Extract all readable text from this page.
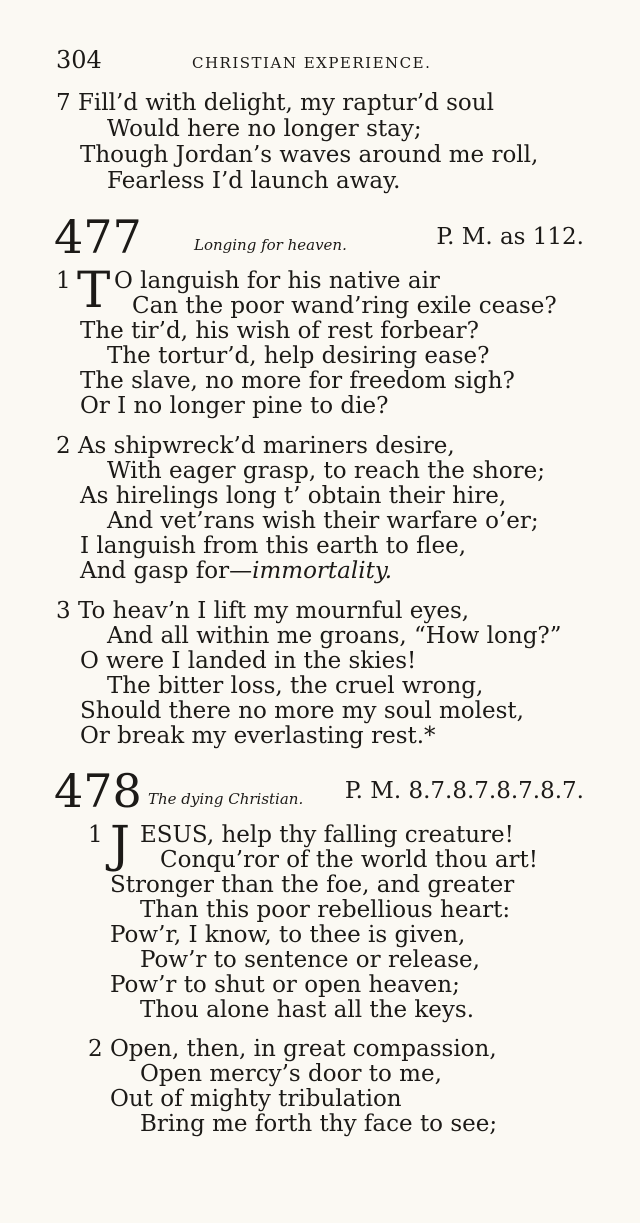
304	CHRISTIAN EXPERIENCE.
7 Fill’d with delight, my raptur’d soul
Would here no longer stay;
Though Jordan’s waves around me roll,
Fearless I’d launch away.
477	Longing for heaven.	P. M. as 112.
1 T O languish for his native air
Can the poor wand’ring exile cease?
The tir’d, his wish of rest forbear?
The tortur’d, help desiring ease?
The slave, no more for freedom sigh?
Or I no longer pine to die?
2 As shipwreck’d mariners desire,
With eager grasp, to reach the shore;
As hirelings long t’ obtain their hire,
And vet’rans wish their warfare o’er;
I languish from this earth to flee,
And gasp for—immortality.
3 To heav’n I lift my mournful eyes,
And all within me groans, “How long?”
O were I landed in the skies!
The bitter loss, the cruel wrong,
Should there no more my soul molest,
Or break my everlasting rest.*
478 The dying Christian. P. M. 8.7.8.7.8.7.8.7.
1 J ESUS, help thy falling creature!
Conqu’ror of the world thou art!
Stronger than the foe, and greater
Than this poor rebellious heart:
Pow’r, I know, to thee is given,
Pow’r to sentence or release,
Pow’r to shut or open heaven;
Thou alone hast all the keys.
2 Open, then, in great compassion,
Open mercy’s door to me,
Out of mighty tribulation
Bring me forth thy face to see;
